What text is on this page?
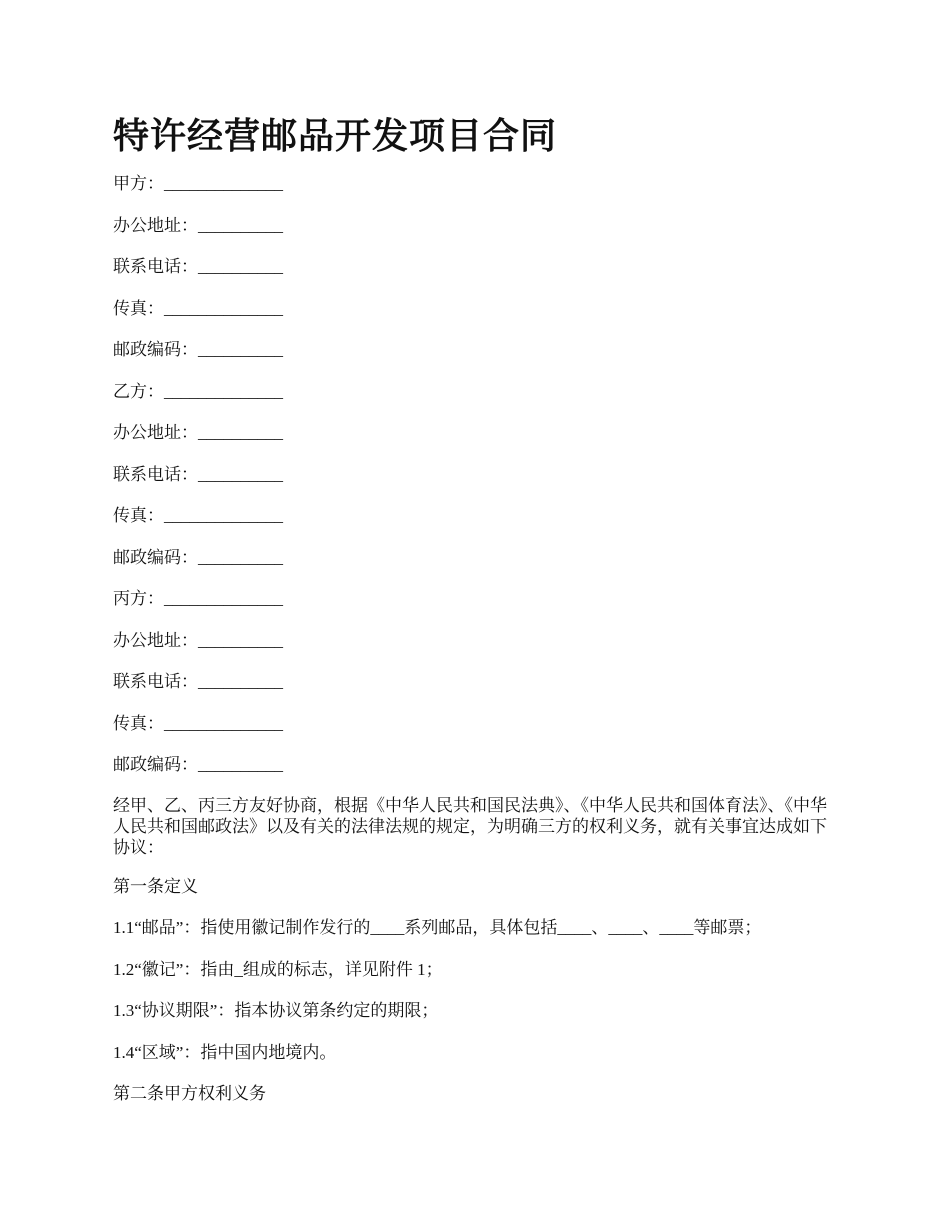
特许经营邮品开发项目合同

甲方：______________

办公地址：__________

联系电话：__________

传真：______________

邮政编码：__________

乙方：______________

办公地址：__________

联系电话：__________

传真：______________

邮政编码：__________

丙方：______________

办公地址：__________

联系电话：__________

传真：______________

邮政编码：__________

经甲、乙、丙三方友好协商，根据《中华人民共和国民法典》、《中华人民共和国体育法》、《中华人民共和国邮政法》以及有关的法律法规的规定，为明确三方的权利义务，就有关事宜达成如下协议：

第一条定义

1.1“邮品”：指使用徽记制作发行的____系列邮品，具体包括____、____、____等邮票；

1.2“徽记”：指由_组成的标志，详见附件 1；

1.3“协议期限”：指本协议第条约定的期限；

1.4“区域”：指中国内地境内。

第二条甲方权利义务
